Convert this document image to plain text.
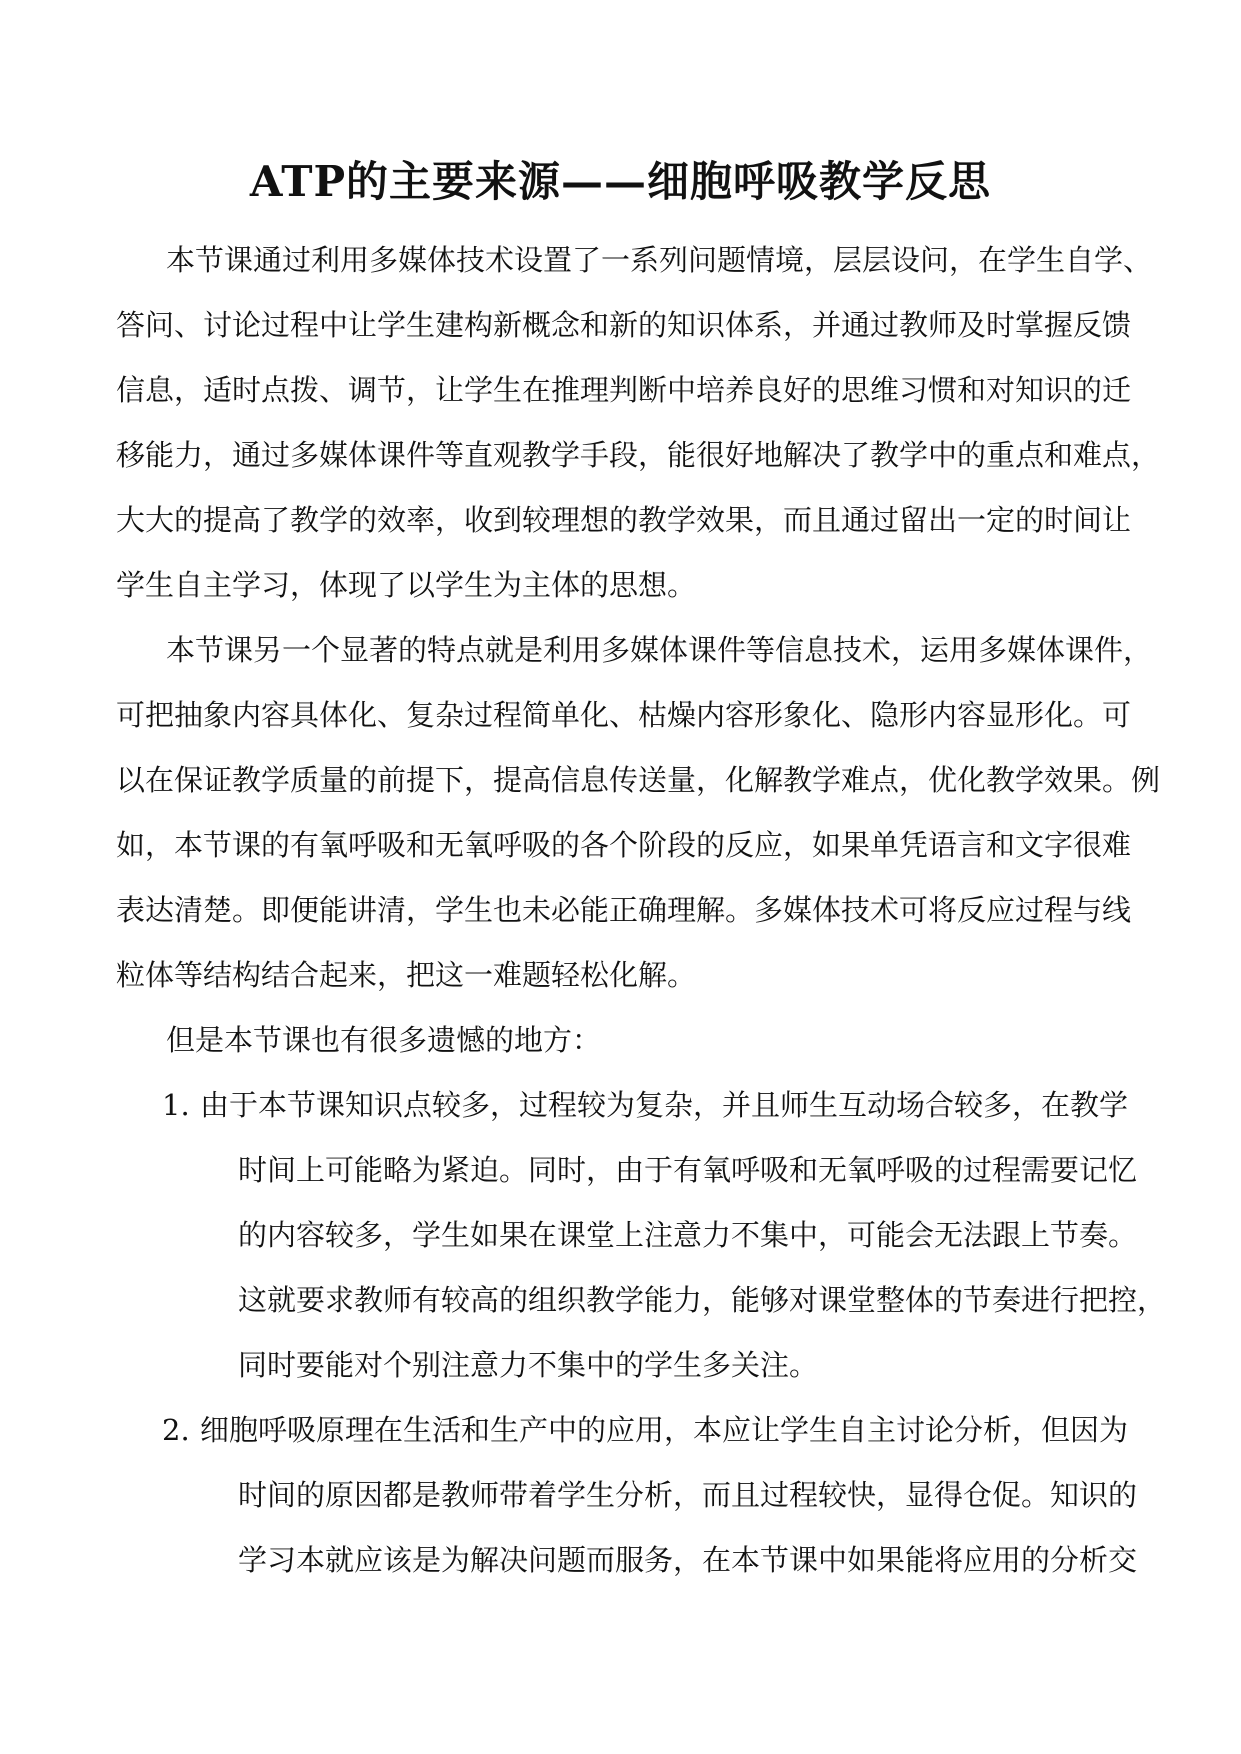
ATP的主要来源——细胞呼吸教学反思

本节课通过利用多媒体技术设置了一系列问题情境，层层设问，在学生自学、

答问、讨论过程中让学生建构新概念和新的知识体系，并通过教师及时掌握反馈

信息，适时点拨、调节，让学生在推理判断中培养良好的思维习惯和对知识的迁

移能力，通过多媒体课件等直观教学手段，能很好地解决了教学中的重点和难点，

大大的提高了教学的效率，收到较理想的教学效果，而且通过留出一定的时间让

学生自主学习，体现了以学生为主体的思想。

本节课另一个显著的特点就是利用多媒体课件等信息技术，运用多媒体课件，

可把抽象内容具体化、复杂过程简单化、枯燥内容形象化、隐形内容显形化。可

以在保证教学质量的前提下，提高信息传送量，化解教学难点，优化教学效果。例

如，本节课的有氧呼吸和无氧呼吸的各个阶段的反应，如果单凭语言和文字很难

表达清楚。即便能讲清，学生也未必能正确理解。多媒体技术可将反应过程与线

粒体等结构结合起来，把这一难题轻松化解。

但是本节课也有很多遗憾的地方：

1. 由于本节课知识点较多，过程较为复杂，并且师生互动场合较多，在教学

时间上可能略为紧迫。同时，由于有氧呼吸和无氧呼吸的过程需要记忆

的内容较多，学生如果在课堂上注意力不集中，可能会无法跟上节奏。

这就要求教师有较高的组织教学能力，能够对课堂整体的节奏进行把控，

同时要能对个别注意力不集中的学生多关注。

2. 细胞呼吸原理在生活和生产中的应用，本应让学生自主讨论分析，但因为

时间的原因都是教师带着学生分析，而且过程较快，显得仓促。知识的

学习本就应该是为解决问题而服务，在本节课中如果能将应用的分析交
